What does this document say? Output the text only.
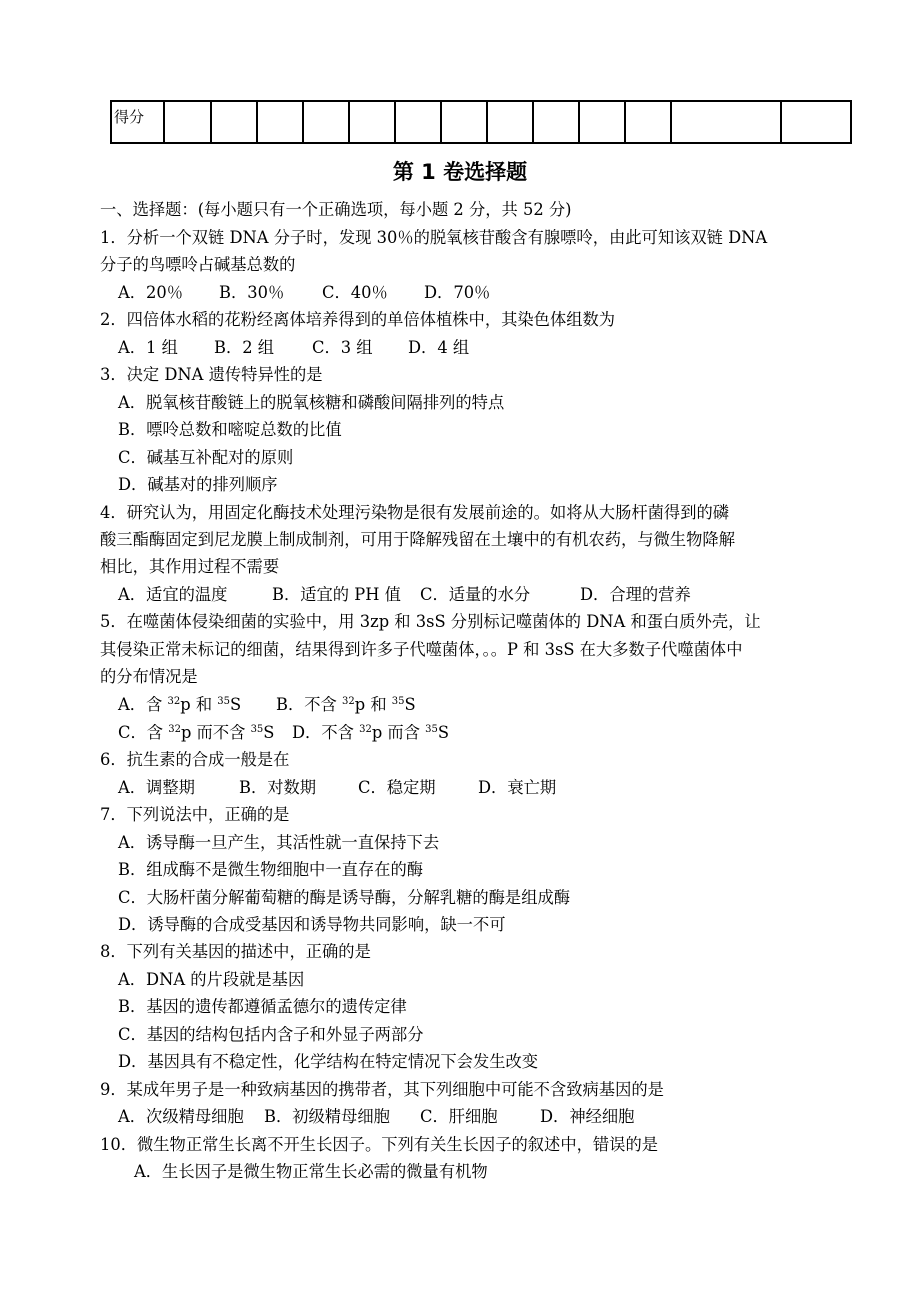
得分													
第 1 卷选择题
一、选择题：(每小题只有一个正确选项，每小题 2 分，共 52 分)
1．分析一个双链 DNA 分子时，发现 30％的脱氧核苷酸含有腺嘌呤，由此可知该双链 DNA
分子的鸟嘌呤占碱基总数的
A．20％ B．30％ C．40％ D．70％
2．四倍体水稻的花粉经离体培养得到的单倍体植株中，其染色体组数为
A．1 组 B．2 组 C．3 组 D．4 组
3．决定 DNA 遗传特异性的是
A．脱氧核苷酸链上的脱氧核糖和磷酸间隔排列的特点
B．嘌呤总数和嘧啶总数的比值
C．碱基互补配对的原则
D．碱基对的排列顺序
4．研究认为，用固定化酶技术处理污染物是很有发展前途的。如将从大肠杆菌得到的磷
酸三酯酶固定到尼龙膜上制成制剂，可用于降解残留在土壤中的有机农药，与微生物降解
相比，其作用过程不需要
A．适宜的温度	B．适宜的 PH 值 C．适量的水分	D．合理的营养
5．在噬菌体侵染细菌的实验中，用 3zp 和 3sS 分别标记噬菌体的 DNA 和蛋白质外壳，让
其侵染正常未标记的细菌，结果得到许多子代噬菌体，。。P 和 3sS 在大多数子代噬菌体中
的分布情况是
A．含 $^{32}$p 和 $^{35}$S B．不含 $^{32}$p 和 $^{35}$S
C．含 $^{32}$p 而不含 $^{35}$S D．不含 $^{32}$p 而含 $^{35}$S
6．抗生素的合成一般是在
A．调整期	B．对数期	C．稳定期	D．衰亡期
7．下列说法中，正确的是
A．诱导酶一旦产生，其活性就一直保持下去
B．组成酶不是微生物细胞中一直存在的酶
C．大肠杆菌分解葡萄糖的酶是诱导酶，分解乳糖的酶是组成酶
D．诱导酶的合成受基因和诱导物共同影响，缺一不可
8．下列有关基因的描述中，正确的是
A．DNA 的片段就是基因
B．基因的遗传都遵循孟德尔的遗传定律
C．基因的结构包括内含子和外显子两部分
D．基因具有不稳定性，化学结构在特定情况下会发生改变
9．某成年男子是一种致病基因的携带者，其下列细胞中可能不含致病基因的是
A．次级精母细胞 B．初级精母细胞 C．肝细胞	D．神经细胞
10．微生物正常生长离不开生长因子。下列有关生长因子的叙述中，错误的是
A．生长因子是微生物正常生长必需的微量有机物
